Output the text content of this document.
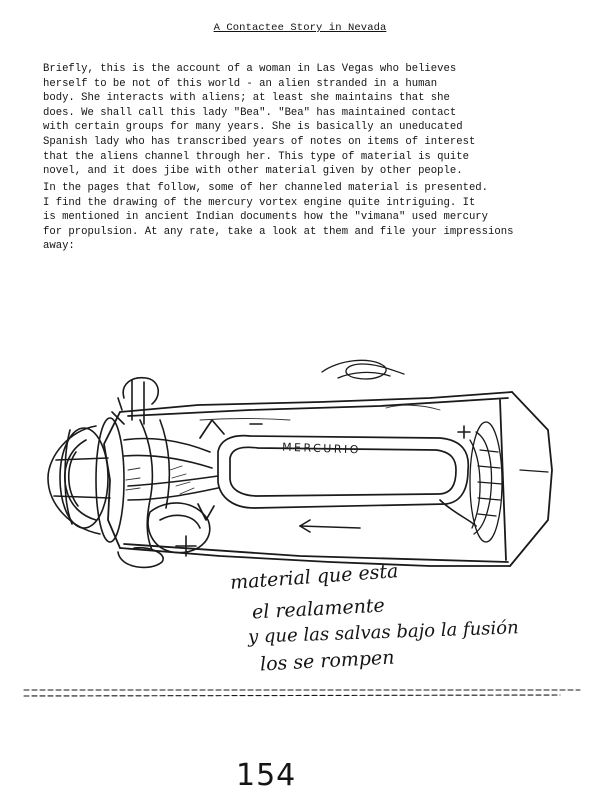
A Contactee Story in Nevada
Briefly, this is the account of a woman in Las Vegas who believes
herself to be not of this world - an alien stranded in a human
body. She interacts with aliens; at least she maintains that she
does. We shall call this lady "Bea". "Bea" has maintained contact
with certain groups for many years. She is basically an uneducated
Spanish lady who has transcribed years of notes on items of interest
that the aliens channel through her. This type of material is quite
novel, and it does jibe with other material given by other people.
In the pages that follow, some of her channeled material is presented.
I find the drawing of the mercury vortex engine quite intriguing. It
is mentioned in ancient Indian documents how the "vimana" used mercury
for propulsion. At any rate, take a look at them and file your impressions
away:
MERCURIO
material que esta
el realamente
y que las salvas bajo la fusión
los se rompen
154
